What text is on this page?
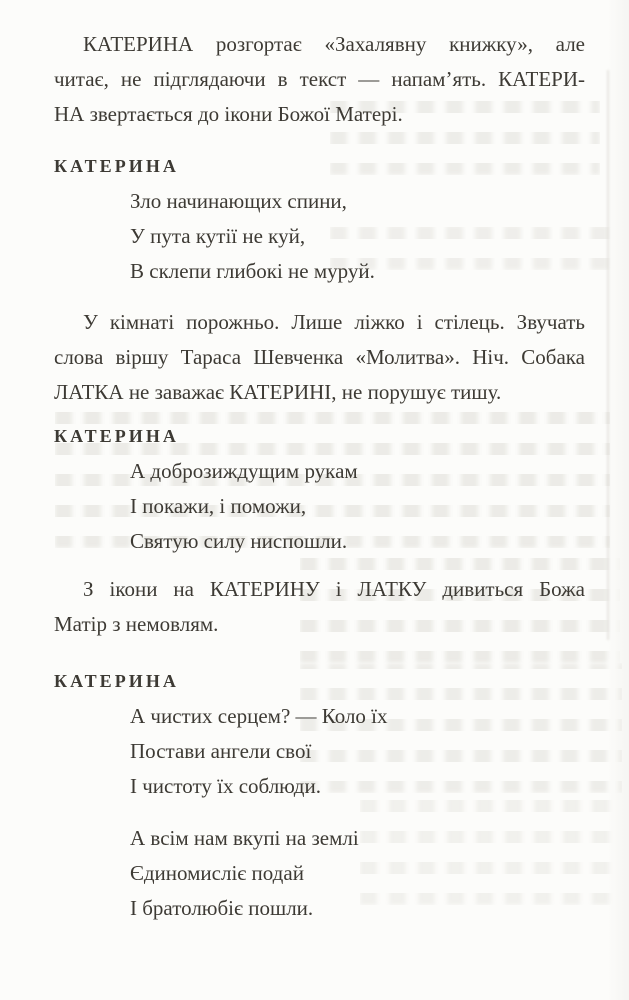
КАТЕРИНА розгортає «Захалявну книжку», але
читає, не підглядаючи в текст — напам’ять. КАТЕРИ-
НА звертається до ікони Божої Матері.
КАТЕРИНА
Зло начинающих спини,
У пута кутії не куй,
В склепи глибокі не муруй.
У кімнаті порожньо. Лише ліжко і стілець. Звучать
слова віршу Тараса Шевченка «Молитва». Ніч. Собака
ЛАТКА не заважає КАТЕРИНІ, не порушує тишу.
КАТЕРИНА
А доброзиждущим рукам
І покажи, і поможи,
Святую силу ниспошли.
З ікони на КАТЕРИНУ і ЛАТКУ дивиться Божа
Матір з немовлям.
КАТЕРИНА
А чистих серцем? — Коло їх
Постави ангели свої
І чистоту їх соблюди.
А всім нам вкупі на землі
Єдиномисліє подай
І братолюбіє пошли.
